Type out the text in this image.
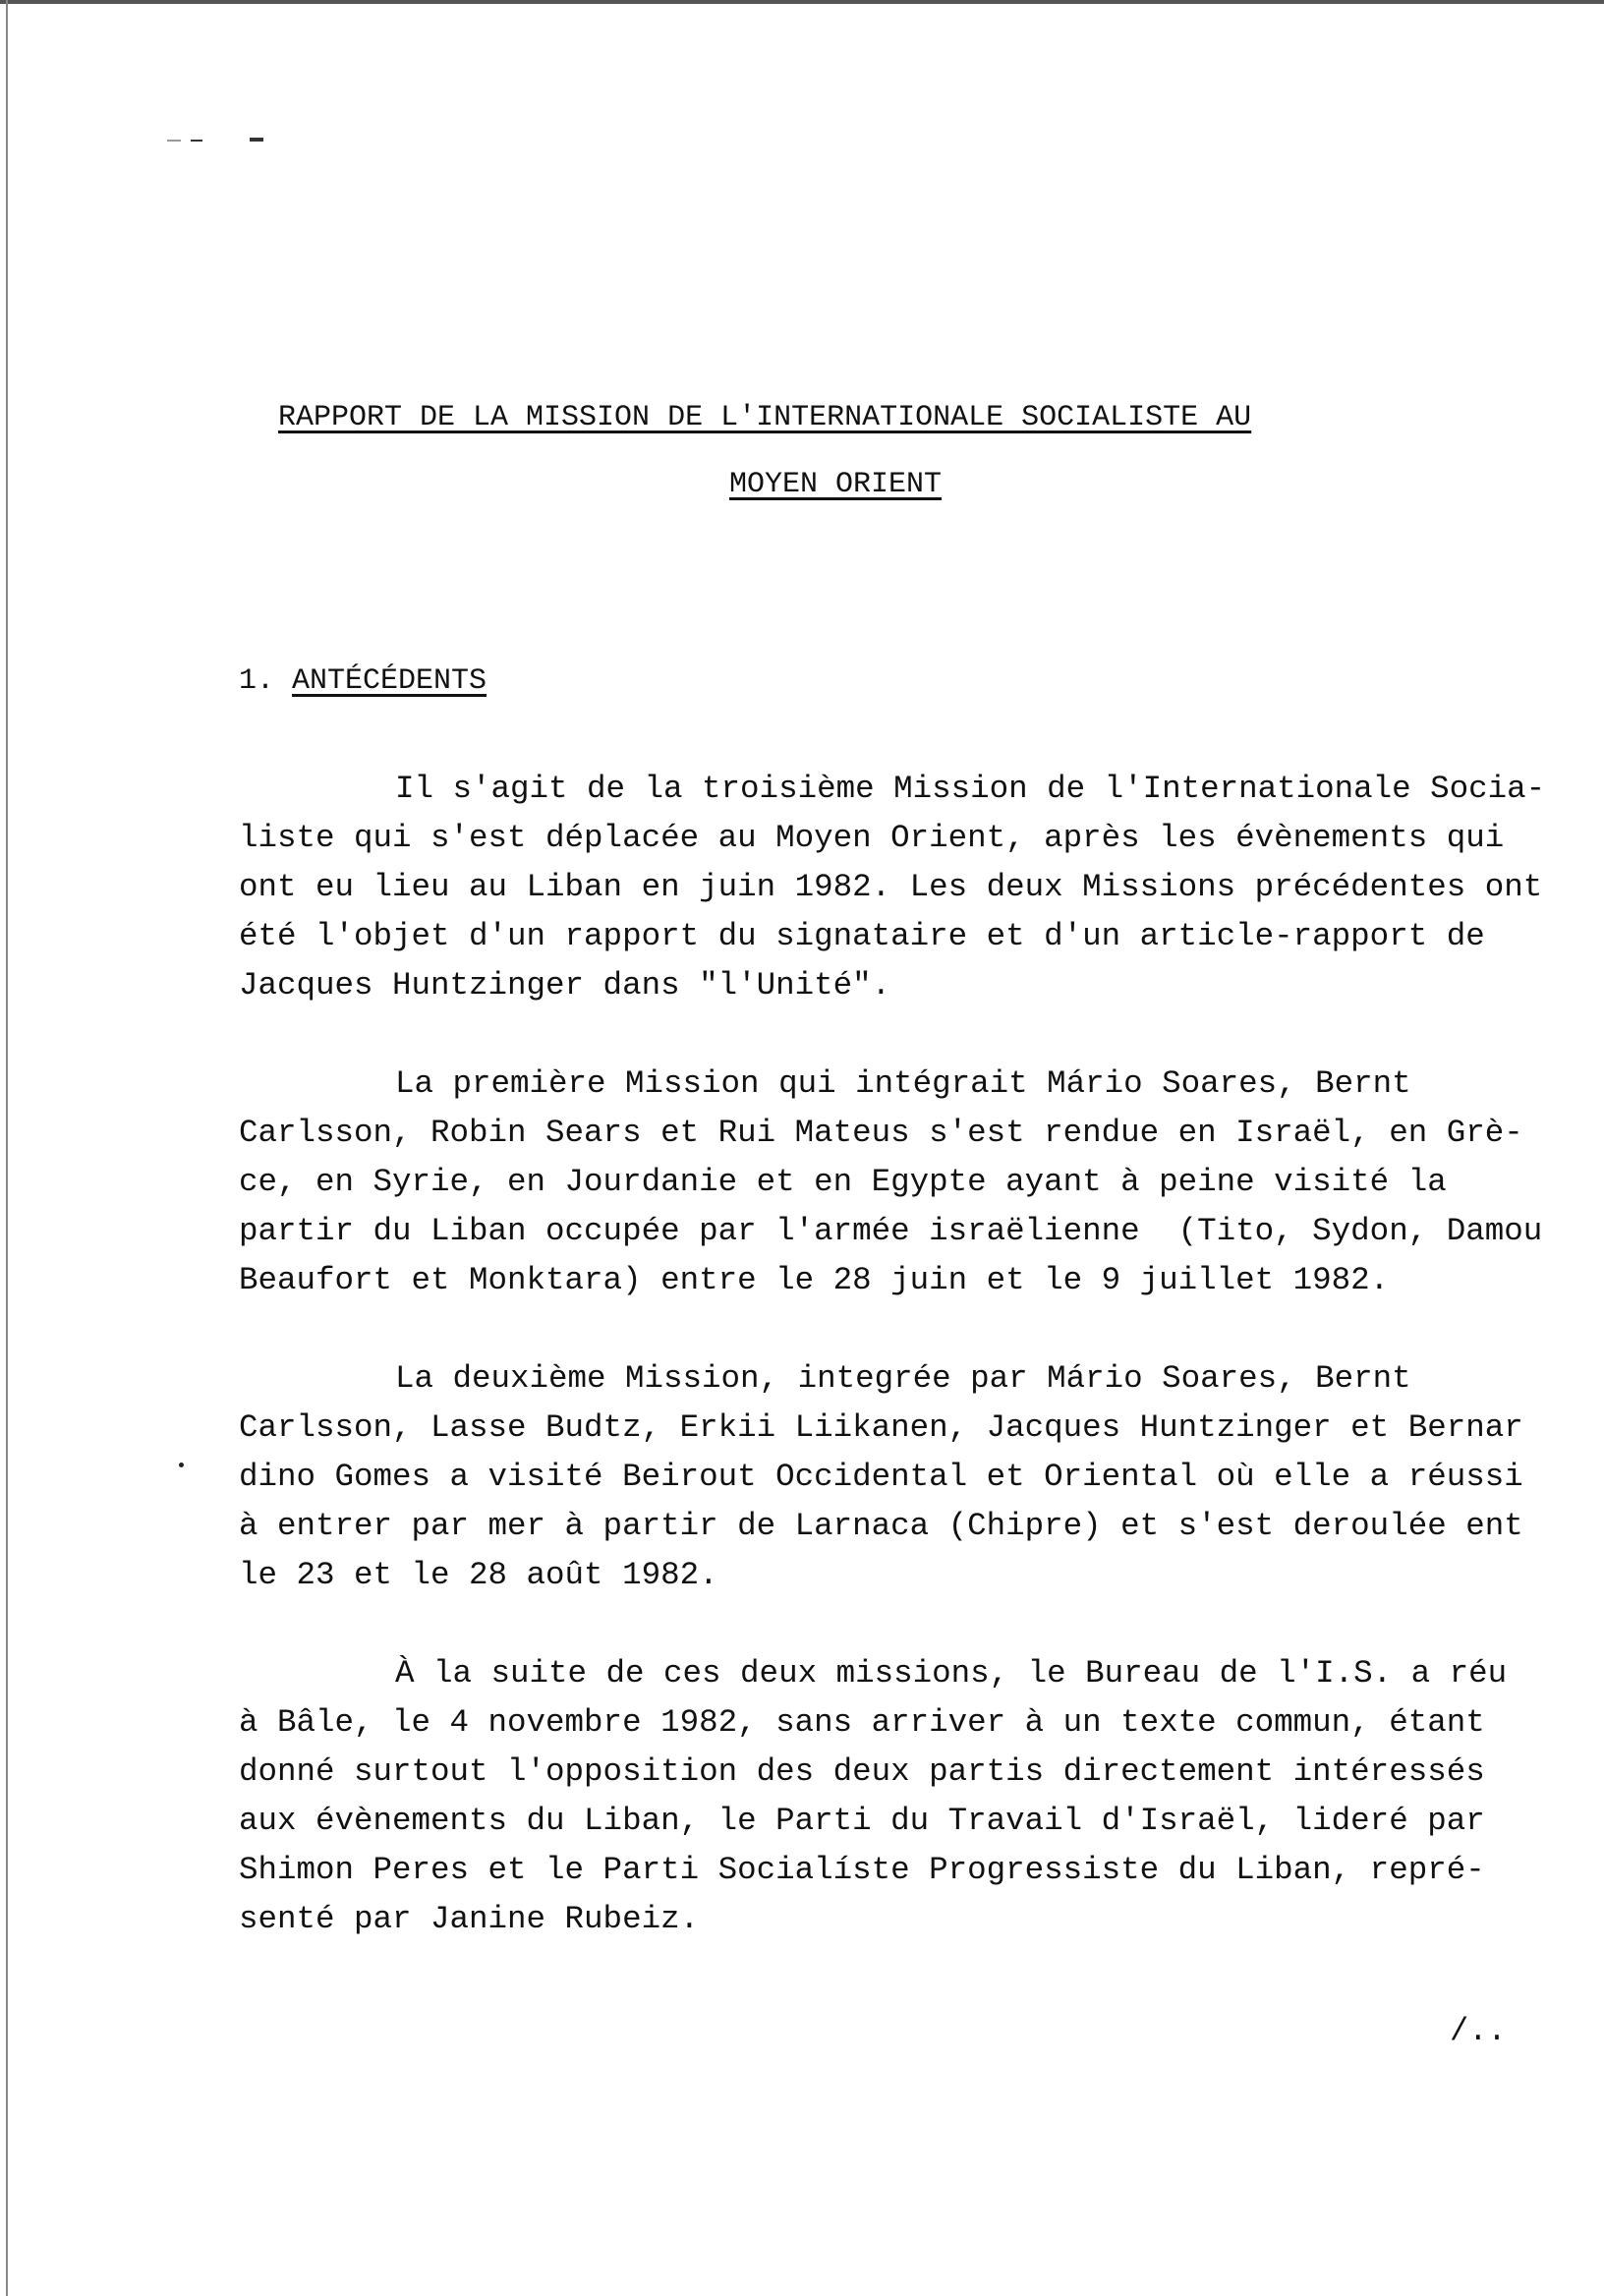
RAPPORT DE LA MISSION DE L'INTERNATIONALE SOCIALISTE AU
MOYEN ORIENT
1. ANTÉCÉDENTS

Il s'agit de la troisième Mission de l'Internationale Socia-
liste qui s'est déplacée au Moyen Orient, après les évènements qui
ont eu lieu au Liban en juin 1982. Les deux Missions précédentes ont
été l'objet d'un rapport du signataire et d'un article-rapport de
Jacques Huntzinger dans "l'Unité".

La première Mission qui intégrait Mário Soares, Bernt
Carlsson, Robin Sears et Rui Mateus s'est rendue en Israël, en Grè-
ce, en Syrie, en Jourdanie et en Egypte ayant à peine visité la
partir du Liban occupée par l'armée israëlienne  (Tito, Sydon, Damou
Beaufort et Monktara) entre le 28 juin et le 9 juillet 1982.

La deuxième Mission, integrée par Mário Soares, Bernt
Carlsson, Lasse Budtz, Erkii Liikanen, Jacques Huntzinger et Bernar
dino Gomes a visité Beirout Occidental et Oriental où elle a réussi
à entrer par mer à partir de Larnaca (Chipre) et s'est deroulée ent
le 23 et le 28 août 1982.

À la suite de ces deux missions, le Bureau de l'I.S. a réu
à Bâle, le 4 novembre 1982, sans arriver à un texte commun, étant
donné surtout l'opposition des deux partis directement intéressés
aux évènements du Liban, le Parti du Travail d'Israël, lideré par
Shimon Peres et le Parti Socialíste Progressiste du Liban, repré-
senté par Janine Rubeiz.

/..
